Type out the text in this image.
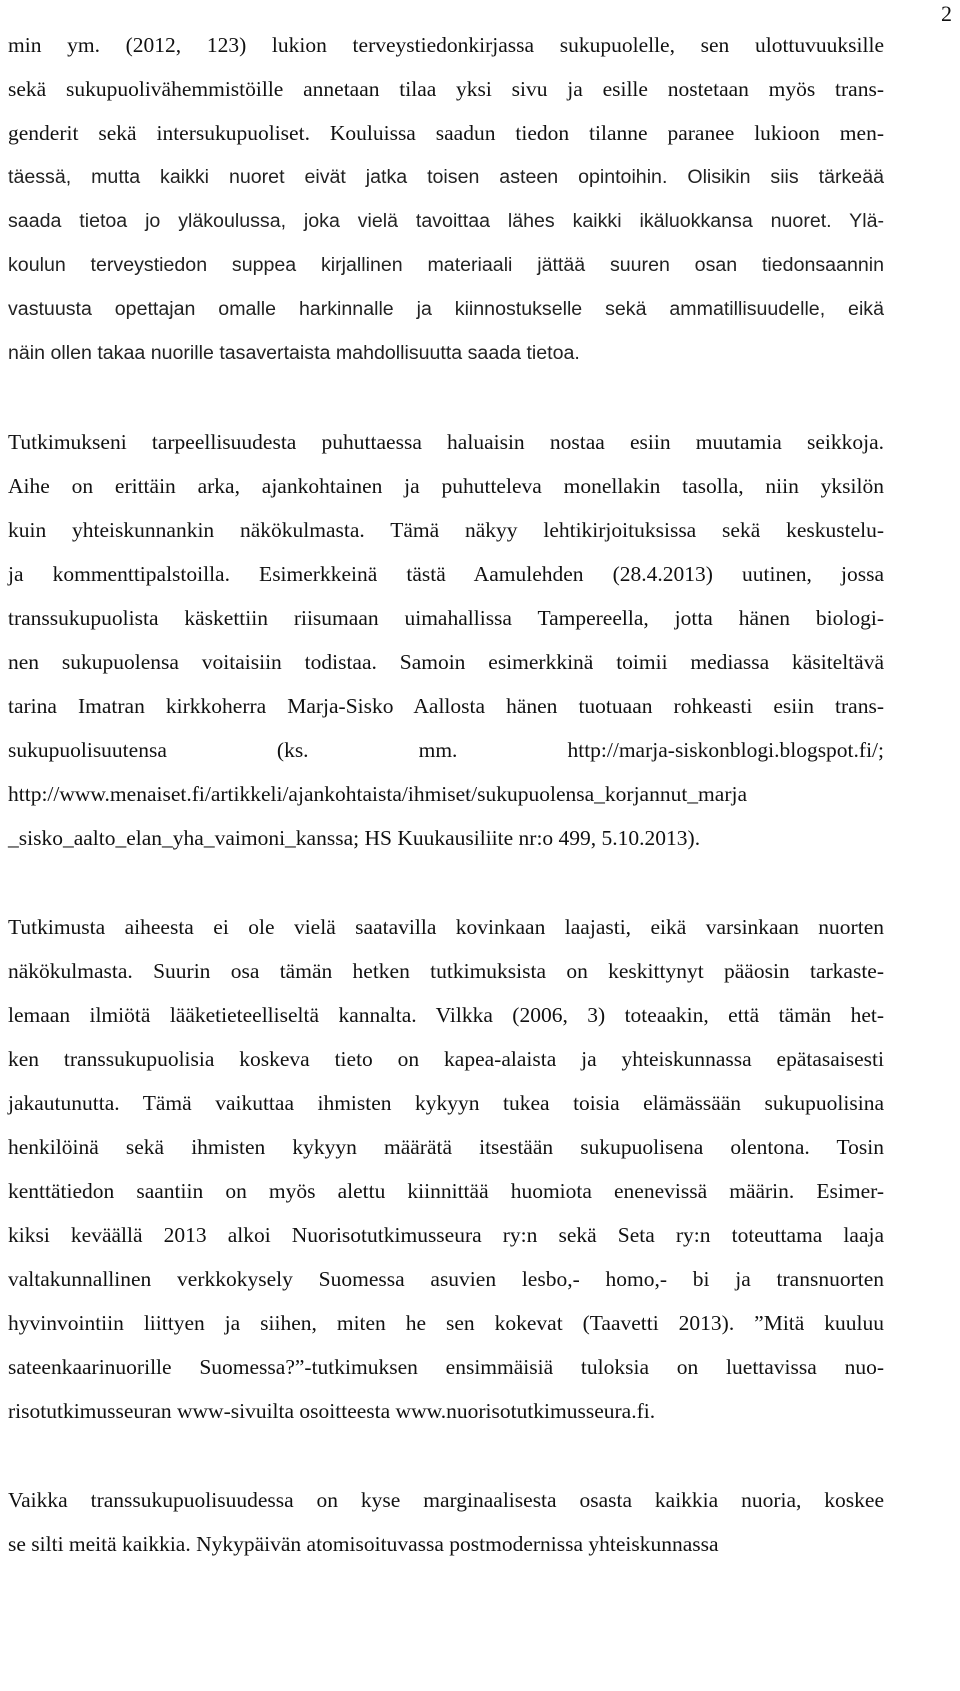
2

min ym. (2012, 123) lukion terveystiedonkirjassa sukupuolelle, sen ulottuvuuksille

sekä sukupuolivähemmistöille annetaan tilaa yksi sivu ja esille nostetaan myös trans-

genderit sekä intersukupuoliset. Kouluissa saadun tiedon tilanne paranee lukioon men-

täessä, mutta kaikki nuoret eivät jatka toisen asteen opintoihin. Olisikin siis tärkeää

saada tietoa jo yläkoulussa, joka vielä tavoittaa lähes kaikki ikäluokkansa nuoret. Ylä-

koulun terveystiedon suppea kirjallinen materiaali jättää suuren osan tiedonsaannin

vastuusta opettajan omalle harkinnalle ja kiinnostukselle sekä ammatillisuudelle, eikä

näin ollen takaa nuorille tasavertaista mahdollisuutta saada tietoa.

Tutkimukseni tarpeellisuudesta puhuttaessa haluaisin nostaa esiin muutamia seikkoja.

Aihe on erittäin arka, ajankohtainen ja puhutteleva monellakin tasolla, niin yksilön

kuin yhteiskunnankin näkökulmasta. Tämä näkyy lehtikirjoituksissa sekä keskustelu-

ja kommenttipalstoilla. Esimerkkeinä tästä Aamulehden (28.4.2013) uutinen, jossa

transsukupuolista käskettiin riisumaan uimahallissa Tampereella, jotta hänen biologi-

nen sukupuolensa voitaisiin todistaa. Samoin esimerkkinä toimii mediassa käsiteltävä

tarina Imatran kirkkoherra Marja-Sisko Aallosta hänen tuotuaan rohkeasti esiin trans-

sukupuolisuutensa (ks. mm. http://marja-siskonblogi.blogspot.fi/;

http://www.menaiset.fi/artikkeli/ajankohtaista/ihmiset/sukupuolensa_korjannut_marja

_sisko_aalto_elan_yha_vaimoni_kanssa; HS Kuukausiliite nr:o 499, 5.10.2013).

Tutkimusta aiheesta ei ole vielä saatavilla kovinkaan laajasti, eikä varsinkaan nuorten

näkökulmasta. Suurin osa tämän hetken tutkimuksista on keskittynyt pääosin tarkaste-

lemaan ilmiötä lääketieteelliseltä kannalta. Vilkka (2006, 3) toteaakin, että tämän het-

ken transsukupuolisia koskeva tieto on kapea-alaista ja yhteiskunnassa epätasaisesti

jakautunutta. Tämä vaikuttaa ihmisten kykyyn tukea toisia elämässään sukupuolisina

henkilöinä sekä ihmisten kykyyn määrätä itsestään sukupuolisena olentona. Tosin

kenttätiedon saantiin on myös alettu kiinnittää huomiota enenevissä määrin. Esimer-

kiksi keväällä 2013 alkoi Nuorisotutkimusseura ry:n sekä Seta ry:n toteuttama laaja

valtakunnallinen verkkokysely Suomessa asuvien lesbo,- homo,- bi ja transnuorten

hyvinvointiin liittyen ja siihen, miten he sen kokevat (Taavetti 2013). ”Mitä kuuluu

sateenkaarinuorille Suomessa?”-tutkimuksen ensimmäisiä tuloksia on luettavissa nuo-

risotutkimusseuran www-sivuilta osoitteesta www.nuorisotutkimusseura.fi.

Vaikka transsukupuolisuudessa on kyse marginaalisesta osasta kaikkia nuoria, koskee

se silti meitä kaikkia. Nykypäivän atomisoituvassa postmodernissa yhteiskunnassa
